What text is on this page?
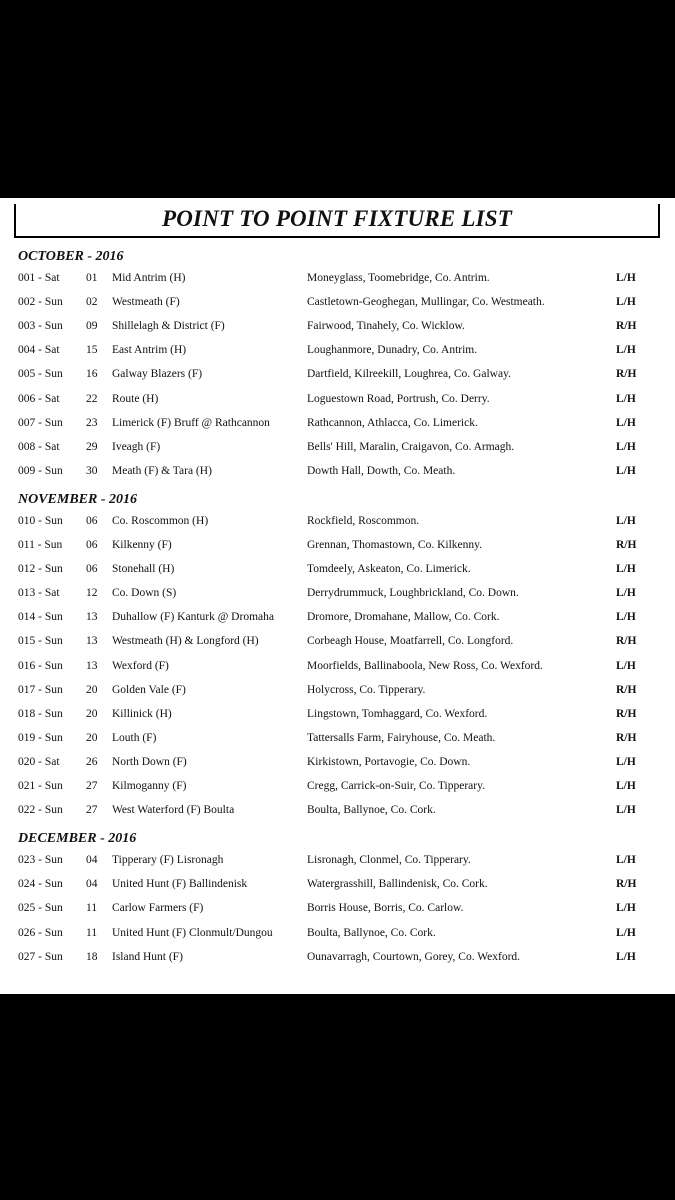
POINT TO POINT FIXTURE LIST
OCTOBER - 2016
001 - Sat 01 Mid Antrim (H)	Moneyglass, Toomebridge, Co. Antrim.	L/H
002 - Sun 02 Westmeath (F)	Castletown-Geoghegan, Mullingar, Co. Westmeath.	L/H
003 - Sun 09 Shillelagh & District (F)	Fairwood, Tinahely, Co. Wicklow.	R/H
004 - Sat 15 East Antrim (H)	Loughanmore, Dunadry, Co. Antrim.	L/H
005 - Sun 16 Galway Blazers (F)	Dartfield, Kilreekill, Loughrea, Co. Galway.	R/H
006 - Sat 22 Route (H)	Loguestown Road, Portrush, Co. Derry.	L/H
007 - Sun 23 Limerick (F) Bruff @ Rathcannon	Rathcannon, Athlacca, Co. Limerick.	L/H
008 - Sat 29 Iveagh (F)	Bells' Hill, Maralin, Craigavon, Co. Armagh.	L/H
009 - Sun 30 Meath (F) & Tara (H)	Dowth Hall, Dowth, Co. Meath.	L/H
NOVEMBER - 2016
010 - Sun 06 Co. Roscommon (H)	Rockfield, Roscommon.	L/H
011 - Sun 06 Kilkenny (F)	Grennan, Thomastown, Co. Kilkenny.	R/H
012 - Sun 06 Stonehall (H)	Tomdeely, Askeaton, Co. Limerick.	L/H
013 - Sat 12 Co. Down (S)	Derrydrummuck, Loughbrickland, Co. Down.	L/H
014 - Sun 13 Duhallow (F) Kanturk @ Dromaha	Dromore, Dromahane, Mallow, Co. Cork.	L/H
015 - Sun 13 Westmeath (H) & Longford (H)	Corbeagh House, Moatfarrell, Co. Longford.	R/H
016 - Sun 13 Wexford (F)	Moorfields, Ballinaboola, New Ross, Co. Wexford.	L/H
017 - Sun 20 Golden Vale (F)	Holycross, Co. Tipperary.	R/H
018 - Sun 20 Killinick (H)	Lingstown, Tomhaggard, Co. Wexford.	R/H
019 - Sun 20 Louth (F)	Tattersalls Farm, Fairyhouse, Co. Meath.	R/H
020 - Sat 26 North Down (F)	Kirkistown, Portavogie, Co. Down.	L/H
021 - Sun 27 Kilmoganny (F)	Cregg, Carrick-on-Suir, Co. Tipperary.	L/H
022 - Sun 27 West Waterford (F) Boulta	Boulta, Ballynoe, Co. Cork.	L/H
DECEMBER - 2016
023 - Sun 04 Tipperary (F) Lisronagh	Lisronagh, Clonmel, Co. Tipperary.	L/H
024 - Sun 04 United Hunt (F) Ballindenisk	Watergrasshill, Ballindenisk, Co. Cork.	R/H
025 - Sun 11 Carlow Farmers (F)	Borris House, Borris, Co. Carlow.	L/H
026 - Sun 11 United Hunt (F) Clonmult/Dungou	Boulta, Ballynoe, Co. Cork.	L/H
027 - Sun 18 Island Hunt (F)	Ounavarragh, Courtown, Gorey, Co. Wexford.	L/H
